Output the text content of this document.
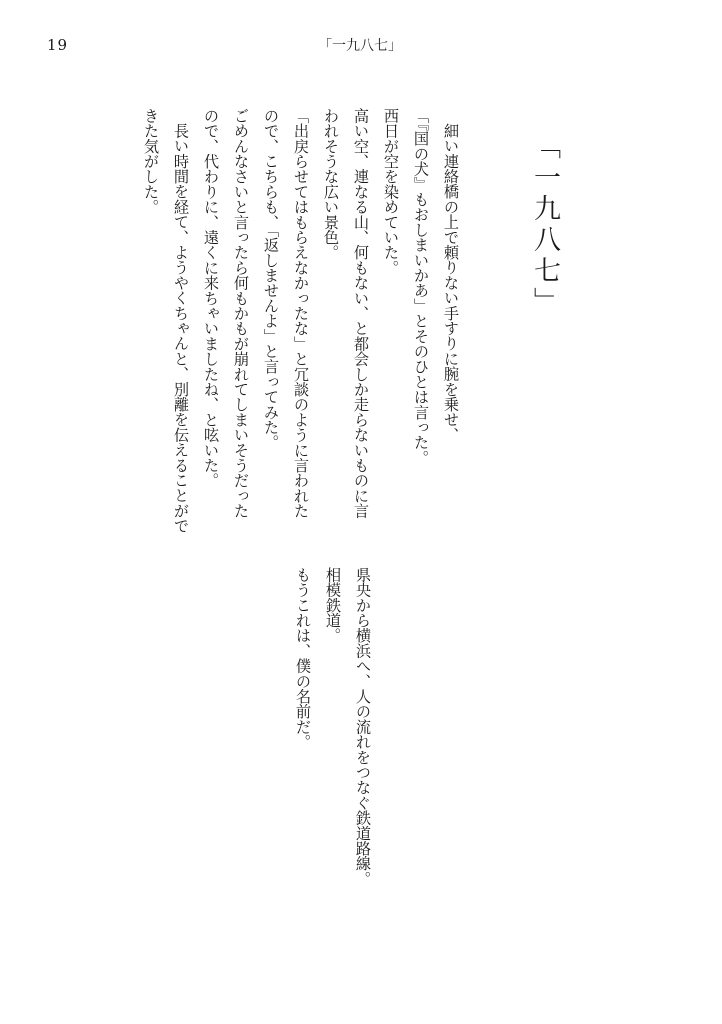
19	「一九八七」
「一九八七」
細い連絡橋の上で頼りない手すりに腕を乗せ、
「『国の犬』もおしまいかあ」とそのひとは言った。
西日が空を染めていた。
高い空、連なる山、何もない、と都会しか走らないものに言
われそうな広い景色。
「出戻らせてはもらえなかったな」と冗談のように言われた
ので、こちらも、「返しませんよ」と言ってみた。
ごめんなさいと言ったら何もかもが崩れてしまいそうだった
ので、代わりに、遠くに来ちゃいましたね、と呟いた。
長い時間を経て、ようやくちゃんと、別離を伝えることがで
きた気がした。
県央から横浜へ、人の流れをつなぐ鉄道路線。
相模鉄道。
もうこれは、僕の名前だ。
